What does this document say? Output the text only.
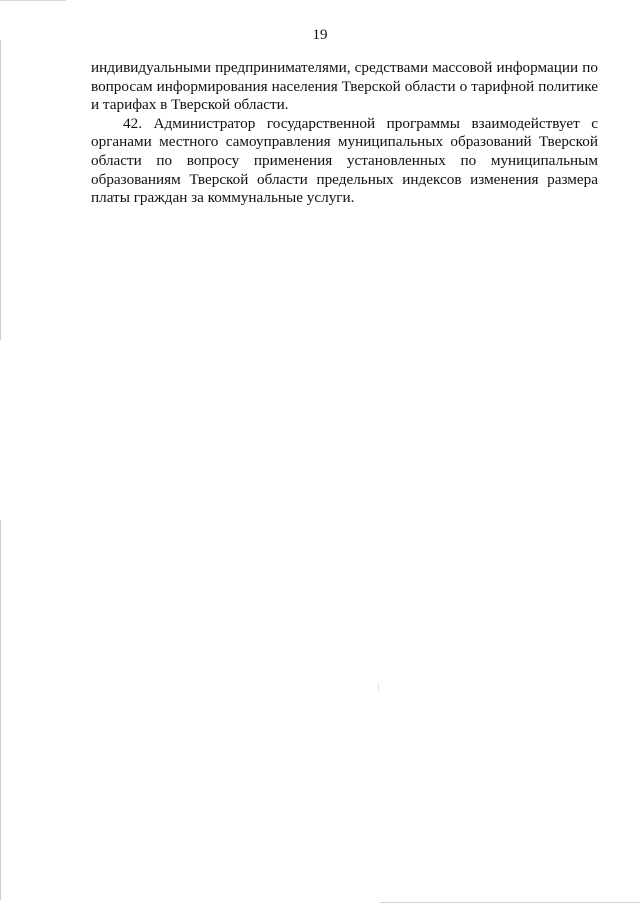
19

индивидуальными предпринимателями, средствами массовой информации по вопросам информирования населения Тверской области о тарифной политике и тарифах в Тверской области.

42. Администратор государственной программы взаимодействует с органами местного самоуправления муниципальных образований Тверской области по вопросу применения установленных по муниципальным образованиям Тверской области предельных индексов изменения размера платы граждан за коммунальные услуги.
